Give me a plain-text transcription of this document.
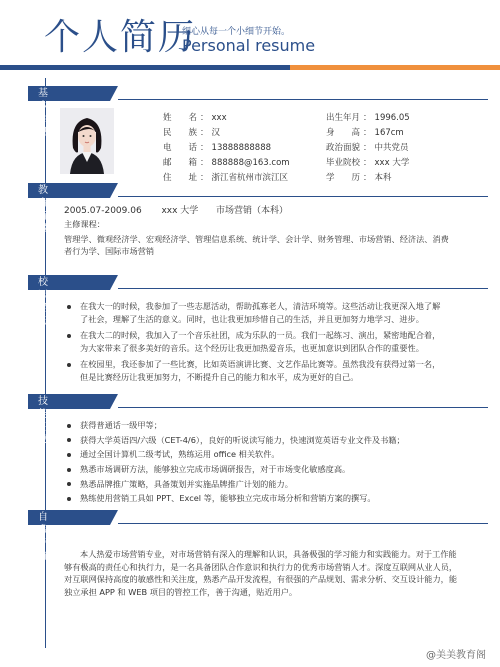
个人简历
细心从每一个小细节开始。
Personal resume
基本信息
姓　　名 ： xxx
民　　族 ： 汉
电　　话 ： 13888888888
邮　　箱 ： 888888@163.com
住　　址 ： 浙江省杭州市滨江区
出生年月 ： 1996.05
身　　高 ： 167cm
政治面貌 ： 中共党员
毕业院校 ： xxx 大学
学　　历 ： 本科
教育背景
2005.07-2009.06 xxx 大学 市场营销（本科）
主修课程：
管理学、微观经济学、宏观经济学、管理信息系统、统计学、会计学、财务管理、市场营销、经济法、消费者行为学、国际市场营销
校园经历
在我大一的时候，我参加了一些志愿活动，帮助孤寡老人，清洁环境等。这些活动让我更深入地了解了社会，理解了生活的意义。同时，也让我更加珍惜自己的生活，并且更加努力地学习、进步。
在我大二的时候，我加入了一个音乐社团，成为乐队的一员。我们一起练习、演出，紧密地配合着，为大家带来了很多美好的音乐。这个经历让我更加热爱音乐，也更加意识到团队合作的重要性。
在校园里，我还参加了一些比赛，比如英语演讲比赛、文艺作品比赛等。虽然我没有获得过第一名，但是比赛经历让我更加努力，不断提升自己的能力和水平，成为更好的自己。
技能证书
获得普通话一级甲等；
获得大学英语四/六级（CET-4/6），良好的听说读写能力，快速浏览英语专业文件及书籍；
通过全国计算机二级考试，熟练运用 office 相关软件。
熟悉市场调研方法，能够独立完成市场调研报告，对于市场变化敏感度高。
熟悉品牌推广策略，具备策划并实施品牌推广计划的能力。
熟练使用营销工具如 PPT、Excel 等，能够独立完成市场分析和营销方案的撰写。
自我评价	本人热爱市场营销专业，对市场营销有深入的理解和认识，具备极强的学习能力和实践能力。对于工作能够有极高的责任心和执行力，是一名具备团队合作意识和执行力的优秀市场营销人才。深度互联网从业人员，对互联网保持高度的敏感性和关注度，熟悉产品开发流程，有很强的产品规划、需求分析、交互设计能力，能独立承担 APP 和 WEB 项目的管控工作，善于沟通，贴近用户。
@美美教育阁
